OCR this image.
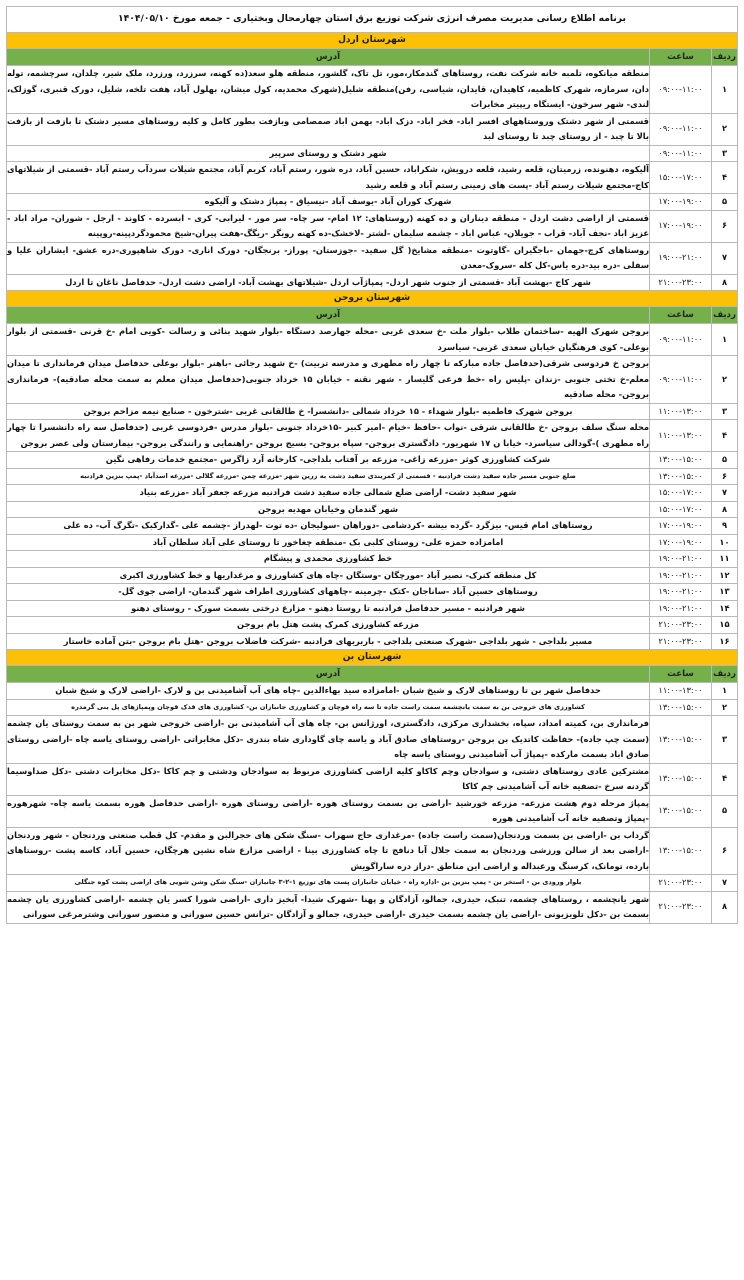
برنامه اطلاع رسانی مدیریت مصرف انرژی شرکت توزیع برق استان چهارمحال وبختیاری - جمعه مورخ ۱۴۰۴/۰۵/۱۰
شهرستان اردل		
ردیف	ساعت	آدرس
۱	۰۹:۰۰-۱۱:۰۰	منطقه میانکوه، تلمبه خانه شرکت نفت، روستاهای گندمکار،مور، تل تاک، گلشور، منطقه هلو سعد(ده کهنه، سرزرد، ورزرد، ملک شیر، چلدان، سرچشمه، توله دان، سرمازه، شهرک کاظمیه، کاهیدان، قایدان، شیاسی، رفن)منطقه شلیل(شهرک محمدیه، کول میشان، بهلول آباد، هفت تلخه، شلیل، دورک قنبری، گوزلک، لندی- شهر سرخون- ایستگاه ریپیتر مخابرات
۲	۰۹:۰۰-۱۱:۰۰	قسمتی از شهر دشتک وروستاههای افسر اباد- فخر اباد- دزک اباد- بهمن اباد صمصامی وبازفت بطور کامل و کلیه روستاهای مسیر دشتک تا بازفت از بازفت بالا تا چبد - از روستای چبد تا روستای لبد
۳	۰۹:۰۰-۱۱:۰۰	شهر دشتک و روستای سرپیر
۴	۱۵:۰۰-۱۷:۰۰	آلیکوه، دهنونده، زرمیتان، قلعه رشید، قلعه درویش، شکراباد، حسین آباد، دره شور، رستم آباد، کریم آباد، مجتمع شیلات سردآب رستم آباد -قسمتی از شیلاتهای کاج-مجتمع شیلات رستم آباد -پست های زمینی رستم آباد و قلعه رشید
۵	۱۷:۰۰-۱۹:۰۰	شهرک کوران آباد -یوسف آباد -نیسیاق - پمپاژ دشتک و آلیکوه
۶	۱۷:۰۰-۱۹:۰۰	قسمتی از اراضی دشت اردل - منطقه دیناران و ده کهنه (روستاهای: ۱۲ امام- سر چاه- سر مور - لیرابی- کری - ابسرده - کاوند - ارجل - شوران- مراد اباد - عزیز اباد -نجف آباد- قراب - جویلان- عباس اباد - چشمه سلیمان -لشتر -لاخشک-ده کهنه رویگر -ریگگ-هفت پیران-شیخ محمودگردپینه-روپینه
۷	۱۹:۰۰-۲۱:۰۰	روستاهای کرچ-جهمان -باجگیران -گاوتوت -منطقه مشایخ( گل سفید- -جوزستان- پوراز- برنجگان- دورک اناری- دورک شاهپوری-دره عشق- ایشاران علیا و سفلی -دره بید-دره یاس-کل کله -سروک-معدن
۸	۲۱:۰۰-۲۳:۰۰	شهر کاج -بهشت آباد -قسمتی از جنوب شهر اردل- پمپاژآب اردل -شیلاتهای بهشت آباد- اراضی دشت اردل- حدفاصل ناغان تا اردل
شهرستان بروجن		
ردیف	ساعت	آدرس
۱	۰۹:۰۰-۱۱:۰۰	بروجن شهرک الهیه -ساختمان طلاب -بلوار ملت -خ سعدی غربی -محله جهارصد دستگاه -بلوار شهید بنائی و رسالت -کویی امام -خ قرنی -قسمتی از بلوار بوعلی- کوی فرهنگیان خیابان سعدی غربی- سیاسرد
۲	۰۹:۰۰-۱۱:۰۰	بروجن خ فردوسی شرقی(حدفاصل جاده مبارکه تا چهار راه مطهری و مدرسه تربیت) -خ شهید رجائی -باهنر -بلوار بوعلی حدفاصل میدان فرمانداری تا میدان معلم-خ تختی جنوبی -زندان -پلیس راه -خط فرعی گلیسار - شهر نقنه - خیابان ۱۵ خرداد جنوبی(حدفاصل میدان معلم به سمت محله صادقیه)- فرمانداری بروجن- محله صادقیه
۳	۱۱:۰۰-۱۳:۰۰	بروجن شهرک فاطمیه -بلوار شهداء - ۱۵ خرداد شمالی -دانشسرا- خ طالقانی غربی -شترخون - صنایع نیمه مزاحم بروجن
۴	۱۱:۰۰-۱۳:۰۰	محله سنگ سلف بروجن -خ طالقانی شرقی -نواب -حافظ -خیام -امیر کبیر -۱۵خرداد جنوبی -بلوار مدرس -فردوسی غربی (حدفاصل سه راه دانشسرا تا چهار راه مطهری )-گودالی سیاسرد- خیابا ن ۱۷ شهریور- دادگستری بروجن- سپاه بروجن- بسیج بروجن -راهنمایی و رانندگی بروجن- بیمارستان ولی عصر بروجن
۵	۱۳:۰۰-۱۵:۰۰	شرکت کشاورزی کوثر -مزرعه زاغی- مزرعه بر آفتاب بلداجی- کارخانه آرد زاگرس -مجتمع خدمات رفاهی نگین
۶	۱۳:۰۰-۱۵:۰۰	ضلع جنوبی مسیر جاده سفید دشت فرادنبه - قسمتی از کمربندی سفید دشت به زرین شهر -مزرعه چمن -مزرعه گلالی -مزرعه اسدآباد -پمپ بنزین فرادنبه
۷	۱۵:۰۰-۱۷:۰۰	شهر سفید دشت- اراضی ضلع شمالی جاده سفید دشت فرادنبه مزرعه جعفر آباد -مزرعه بنیاد
۸	۱۵:۰۰-۱۷:۰۰	شهر گندمان وخیابان مهدیه بروجن
۹	۱۷:۰۰-۱۹:۰۰	روستاهای امام قیس- بیزگرد -گرده بیشه -کردشامی -دوراهان -سولیجان -ده توت -لهدراز -چشمه علی -گدارکبک -تگرگ آب- ده علی
۱۰	۱۷:۰۰-۱۹:۰۰	امامزاده حمزه علی- روستای کلبی بک -منطقه چغاخور تا روستای علی آباد سلطان آباد
۱۱	۱۹:۰۰-۲۱:۰۰	خط کشاورزی محمدی و پیشگام
۱۲	۱۹:۰۰-۲۱:۰۰	کل منطقه کنرک- نصیر آباد -مورچگان -وستگان -چاه های کشاورزی و مرغداریها و خط کشاورزی اکبری
۱۳	۱۹:۰۰-۲۱:۰۰	روستاهای حسین آباد -ساناجان -کتک -چرمینه -چاههای کشاورزی اطراف شهر گندمان- اراضی جوی گل-
۱۴	۱۹:۰۰-۲۱:۰۰	شهر فرادنبه - مسیر حدفاصل فرادنبه تا روستا دهنو - مزارع درختی بسمت سورک - روستای دهنو
۱۵	۲۱:۰۰-۲۳:۰۰	مزرعه کشاورزی کمرک پشت هتل بام بروجن
۱۶	۲۱:۰۰-۲۳:۰۰	مسیر بلداجی - شهر بلداجی -شهرک صنعتی بلداجی - باربریهای فرادنبه -شرکت فاضلاب بروجن -هتل بام بروجن -بتن آماده خاستار
شهرستان بن		
ردیف	ساعت	آدرس
۱	۱۱:۰۰-۱۳:۰۰	حدفاصل شهر بن تا روستاهای لارک و شیخ شبان -امامزاده سید بهاءالدین -چاه های آب آشامیدنی بن و لارک -اراضی لارک و شیخ شبان
۲	۱۳:۰۰-۱۵:۰۰	کشاورزی های خروجی بن به سمت یانچشمه سمت راست جاده تا سه راه قوچان و کشاورزی جانبازان بن- کشاورزی های قدک قوچان وپمپاژهای پل بنی گرمدره
۳	۱۳:۰۰-۱۵:۰۰	فرمانداری بن، کمیته امداد، سپاه، بخشداری مرکزی، دادگستری، اورژانس بن- چاه های آب آشامیدنی بن -اراضی خروجی شهر بن به سمت روستای یان چشمه (سمت چپ جاده)- حفاظت کاتدیک بن بروجن -روستاهای صادق آباد و یاسه چای گاوداری شاه بندری -دکل مخابراتی -اراضی روستای یاسه چاه -اراضی روستای صادق اباد بسمت مارکده -پمپاژ آب آشامیدنی روستای یاسه چاه
۴	۱۳:۰۰-۱۵:۰۰	مشترکین عادی روستاهای دشتی، و سوادجان وچم کاکاو کلیه اراضی کشاورزی مربوط به سوادجان ودشتی و چم کاکا -دکل مخابرات دشتی -دکل صداوسیما گردنه سرخ -تصفیه خانه آب آشامیدنی چم کاکا
۵	۱۳:۰۰-۱۵:۰۰	پمپاژ مرحله دوم هشت مزرعه- مزرعه خورشید -اراضی بن بسمت روستای هوره -اراضی روستای هوره -اراضی حدفاصل هوره بسمت یاسه چاه- شهرهوره -پمپاژ وتصفیه خانه آب آشامیدنی هوره
۶	۱۳:۰۰-۱۵:۰۰	گرداب بن -اراضی بن بسمت وردنجان(سمت راست جاده) -مرغداری حاج سهراب -سنگ شکن های حجرالبن و مقدم- کل قطب صنعتی وردنجان - شهر وردنجان -اراضی بعد از سالن ورزشی وردنجان به سمت جلال آبا دنافج تا چاه کشاورزی بینا - اراضی مزارع شاه نشین هرچگان، حسین آباد، کاسه پشت -روستاهای بارده، تومانک، کرسنگ ورعبداله و اراضی این مناطق -دراز دره ساراگویش
۷	۲۱:۰۰-۲۳:۰۰	بلوار ورودی بن - استخر بن - پمپ بنزین بن -اداره راه - خیابان جانبازان پست های توزیع ۱-۲-۳ جانبازان -سنگ شکن وشن شویی های اراضی پشت کوه جنگلی
۸	۲۱:۰۰-۲۳:۰۰	شهر یانچشمه ، روستاهای چشمه، تنبک، حیدری، جمالو، آزادگان و پهنا -شهرک شیدا- آبخیز داری -اراضی شورا کسر یان چشمه -اراضی کشاورزی یان چشمه بسمت بن -دکل تلویزیونی -اراضی یان چشمه بسمت حیدری -اراضی حیدری، جمالو و آزادگان -ترانس حسین سورانی و منصور سورانی وشترمرغی سورانی
